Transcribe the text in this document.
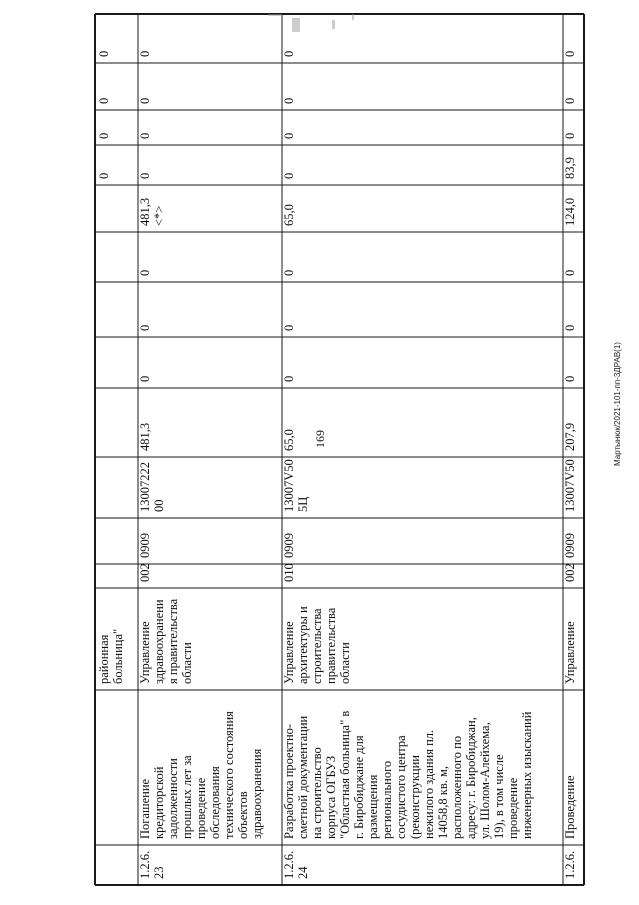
169	Мартынюк/2021-101-пп-3ДРАВ(1)
районная больница"
0
0
0
0
1.2.6. 23
Погашение кредиторской задолженности прошлых лет за проведение обследования технического состояния объектов здравоохранения
Управление здравоохранени я правительства области
002
0909
13007222 00
481,3
0
0
0
481,3 <*>
0
0
0
0
1.2.6. 24
Разработка проектно- сметной документации на строительство корпуса ОГБУЗ "Областная больница" в г. Биробиджане для размещения регионального сосудистого центра (реконструкции нежилого здания пл. 14058,8 кв. м, расположенного по адресу: г. Биробиджан, ул. Шолом-Алейхема, 19), в том числе проведение инженерных изысканий
Управление архитектуры и строительства правительства области
010
0909
13007V50 5Ц
65,0
0
0
0
65,0
0
0
0
0
1.2.6.
Проведение
Управление
002
0909
13007V50
207,9
0
0
0
124,0
83,9
0
0
0
